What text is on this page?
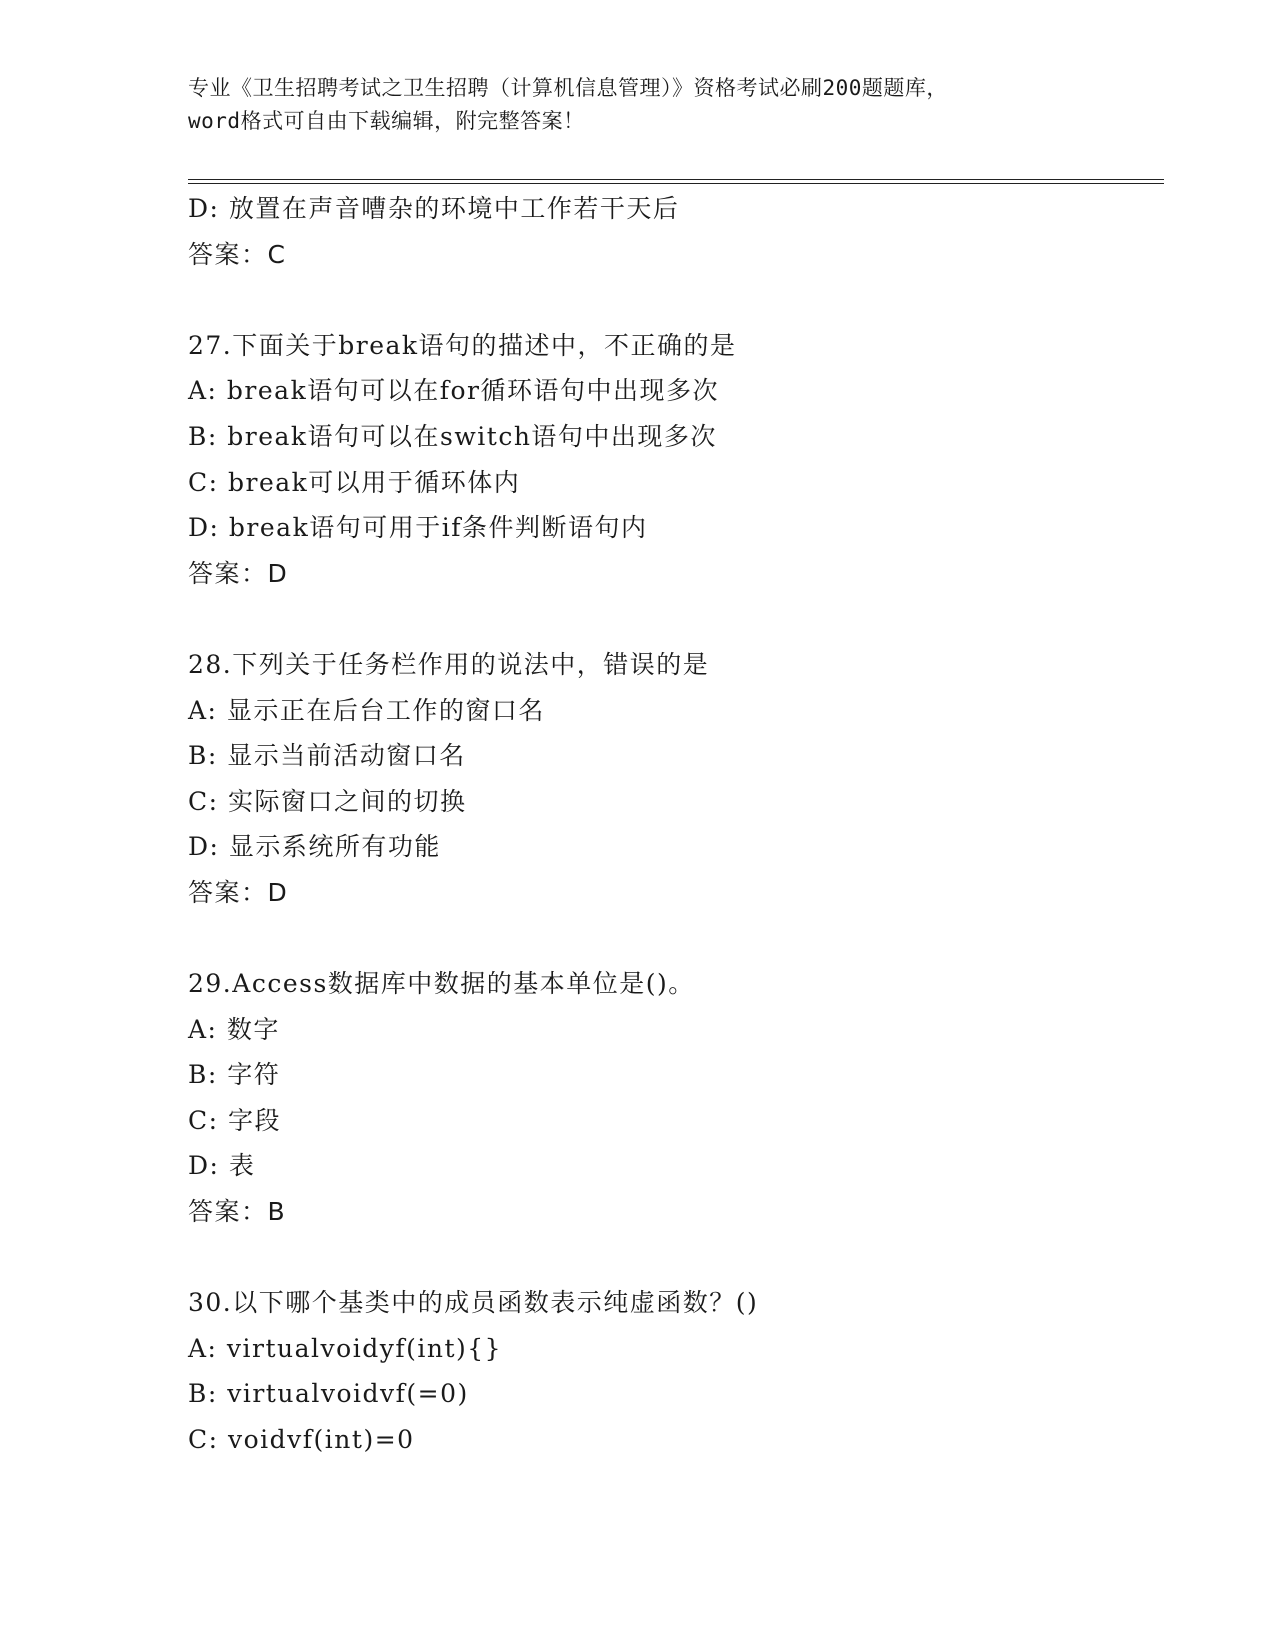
专业《卫生招聘考试之卫生招聘（计算机信息管理）》资格考试必刷200题题库，
word格式可自由下载编辑，附完整答案！
D: 放置在声音嘈杂的环境中工作若干天后
答案：C
27.下面关于break语句的描述中，不正确的是
A: break语句可以在for循环语句中出现多次
B: break语句可以在switch语句中出现多次
C: break可以用于循环体内
D: break语句可用于if条件判断语句内
答案：D
28.下列关于任务栏作用的说法中，错误的是
A: 显示正在后台工作的窗口名
B: 显示当前活动窗口名
C: 实际窗口之间的切换
D: 显示系统所有功能
答案：D
29.Access数据库中数据的基本单位是()。
A: 数字
B: 字符
C: 字段
D: 表
答案：B
30.以下哪个基类中的成员函数表示纯虚函数？()
A: virtualvoidyf(int){}
B: virtualvoidvf(=0)
C: voidvf(int)=0
